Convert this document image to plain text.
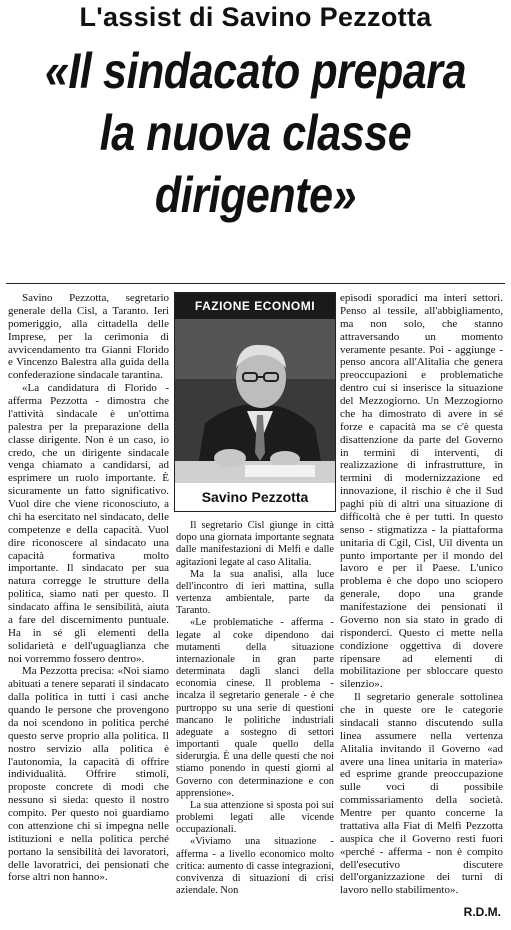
L'assist di Savino Pezzotta
«Il sindacato prepara la nuova classe dirigente»

Savino Pezzotta, segretario generale della Cisl, a Taranto. Ieri pomeriggio, alla cittadella delle Imprese, per la cerimonia di avvicendamento tra Gianni Florido e Vincenzo Balestra alla guida della confederazione sindacale tarantina.

«La candidatura di Florido - afferma Pezzotta - dimostra che l'attività sindacale è un'ottima palestra per la preparazione della classe dirigente. Non è un caso, io credo, che un dirigente sindacale venga chiamato a candidarsi, ad esprimere un ruolo importante. È sicuramente un fatto significativo. Vuol dire che viene riconosciuto, a chi ha esercitato nel sindacato, delle competenze e della capacità. Vuol dire riconoscere al sindacato una capacità formativa molto importante. Il sindacato per sua natura corregge le strutture della politica, siamo nati per questo. Il sindacato affina le sensibilità, aiuta a fare del discernimento puntuale. Ha in sé gli elementi della solidarietà e dell'uguaglianza che noi vorremmo fossero dentro».

Ma Pezzotta precisa: «Noi siamo abituati a tenere separati il sindacato dalla politica in tutti i casi anche quando le persone che provengono da noi scendono in politica perché questo serve proprio alla politica. Il nostro servizio alla politica è l'autonomia, la capacità di offrire individualità. Offrire stimoli, proposte concrete di modi che nessuno si sieda: questo il nostro compito. Per questo noi guardiamo con attenzione chi si impegna nelle istituzioni e nella politica perché portano la sensibilità dei lavoratori, delle lavoratrici, dei pensionati che forse altri non hanno».

FAZIONE ECONOMI
Savino Pezzotta

Il segretario Cisl giunge in città dopo una giornata importante segnata dalle manifestazioni di Melfi e dalle agitazioni legate al caso Alitalia.

Ma la sua analisi, alla luce dell'incontro di ieri mattina, sulla vertenza ambientale, parte da Taranto.

«Le problematiche - afferma - legate al coke dipendono dai mutamenti della situazione internazionale in gran parte determinata dagli slanci della economia cinese. Il problema - incalza il segretario generale - è che purtroppo su una serie di questioni mancano le politiche industriali adeguate a sostegno di settori importanti quale quello della siderurgia. È una delle questi che noi stiamo ponendo in questi giorni al Governo con determinazione e con apprensione».

La sua attenzione si sposta poi sui problemi legati alle vicende occupazionali.

«Viviamo una situazione - afferma - a livello economico molto critica: aumento di casse integrazioni, convivenza di situazioni di crisi aziendale. Non

episodi sporadici ma interi settori. Penso al tessile, all'abbigliamento, ma non solo, che stanno attraversando un momento veramente pesante. Poi - aggiunge - penso ancora all'Alitalia che genera preoccupazioni e problematiche dentro cui si inserisce la situazione del Mezzogiorno. Un Mezzogiorno che ha dimostrato di avere in sé forze e capacità ma se c'è questa disattenzione da parte del Governo in termini di interventi, di realizzazione di infrastrutture, in termini di modernizzazione ed innovazione, il rischio è che il Sud paghi più di altri una situazione di difficoltà che è per tutti. In questo senso - stigmatizza - la piattaforma unitaria di Cgil, Cisl, Uil diventa un punto importante per il mondo del lavoro e per il Paese. L'unico problema è che dopo uno sciopero generale, dopo una grande manifestazione dei pensionati il Governo non sia stato in grado di risponderci. Questo ci mette nella condizione oggettiva di dovere ripensare ad elementi di mobilitazione per sbloccare questo silenzio».

Il segretario generale sottolinea che in queste ore le categorie sindacali stanno discutendo sulla linea assumere nella vertenza Alitalia invitando il Governo «ad avere una linea unitaria in materia» ed esprime grande preoccupazione sulle voci di possibile commissariamento della società. Mentre per quanto concerne la trattativa alla Fiat di Melfi Pezzotta auspica che il Governo resti fuori «perché - afferma - non è compito dell'esecutivo discutere dell'organizzazione dei turni di lavoro nello stabilimento».

R.D.M.
